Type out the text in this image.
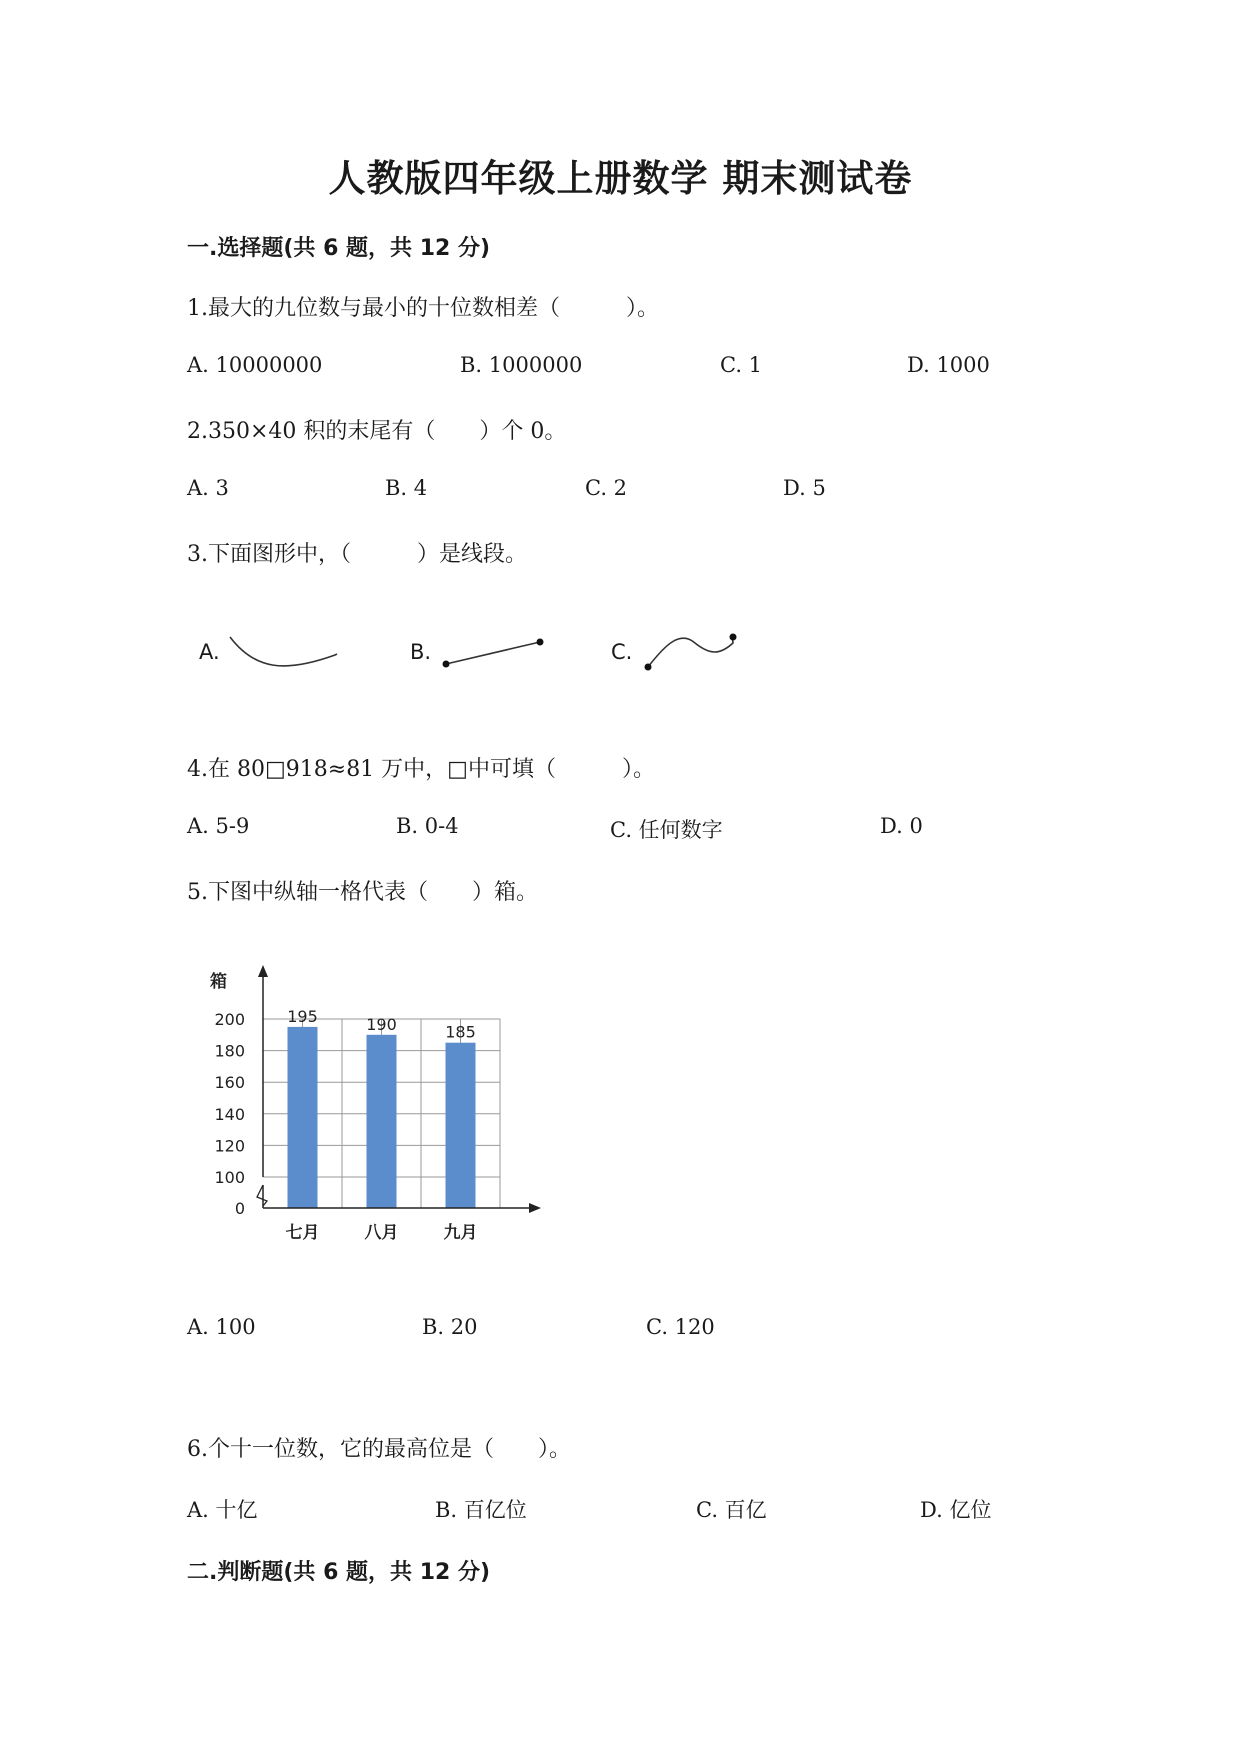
人教版四年级上册数学 期末测试卷
一.选择题(共 6 题，共 12 分)
1.最大的九位数与最小的十位数相差（　　　）。
A. 10000000	B. 1000000	C. 1	D. 1000
2.350×40 积的末尾有（　　）个 0。
A. 3	B. 4	C. 2	D. 5
3.下面图形中，（　　　）是线段。
A.	B.	C.
4.在 80□918≈81 万中，□中可填（　　　）。
A. 5-9	B. 0-4	C. 任何数字	D. 0
5.下图中纵轴一格代表（　　）箱。
箱
195
七月
190
八月
185
九月
0
100
120
140
160
180
200
A. 100	B. 20	C. 120
6.个十一位数，它的最高位是（　　）。
A. 十亿	B. 百亿位	C. 百亿	D. 亿位
二.判断题(共 6 题，共 12 分)
